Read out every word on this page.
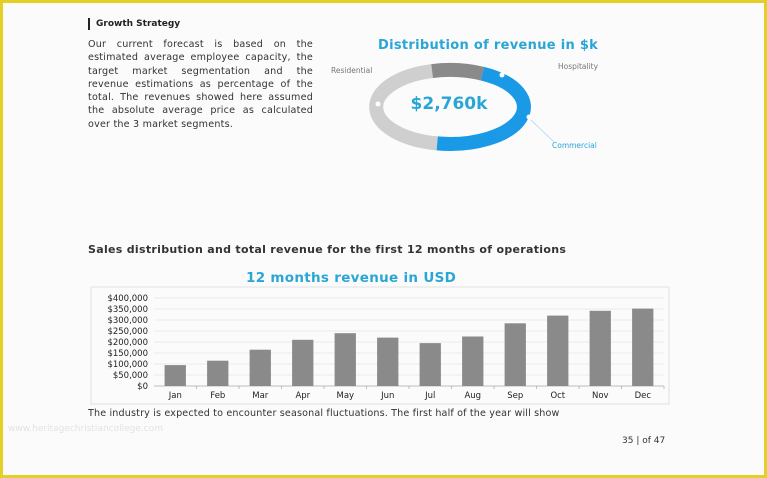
Growth Strategy
Our current forecast is based on the estimated average employee capacity, the target market segmentation and the revenue estimations as percentage of the total. The revenues showed here assumed the absolute average price as calculated over the 3 market segments.
Distribution of revenue in $k
Residential	Hospitality
Commercial
$2,760k
Sales distribution and total revenue for the first 12 months of operations
12 months revenue in USD
$0
$50,000
$100,000
$150,000
$200,000
$250,000
$300,000
$350,000
$400,000
Jan	Feb	Mar	Apr	May	Jun	Jul	Aug	Sep	Oct	Nov	Dec
The industry is expected to encounter seasonal fluctuations. The first half of the year will show
www.heritagechristiancollege.com
35 | of 47
